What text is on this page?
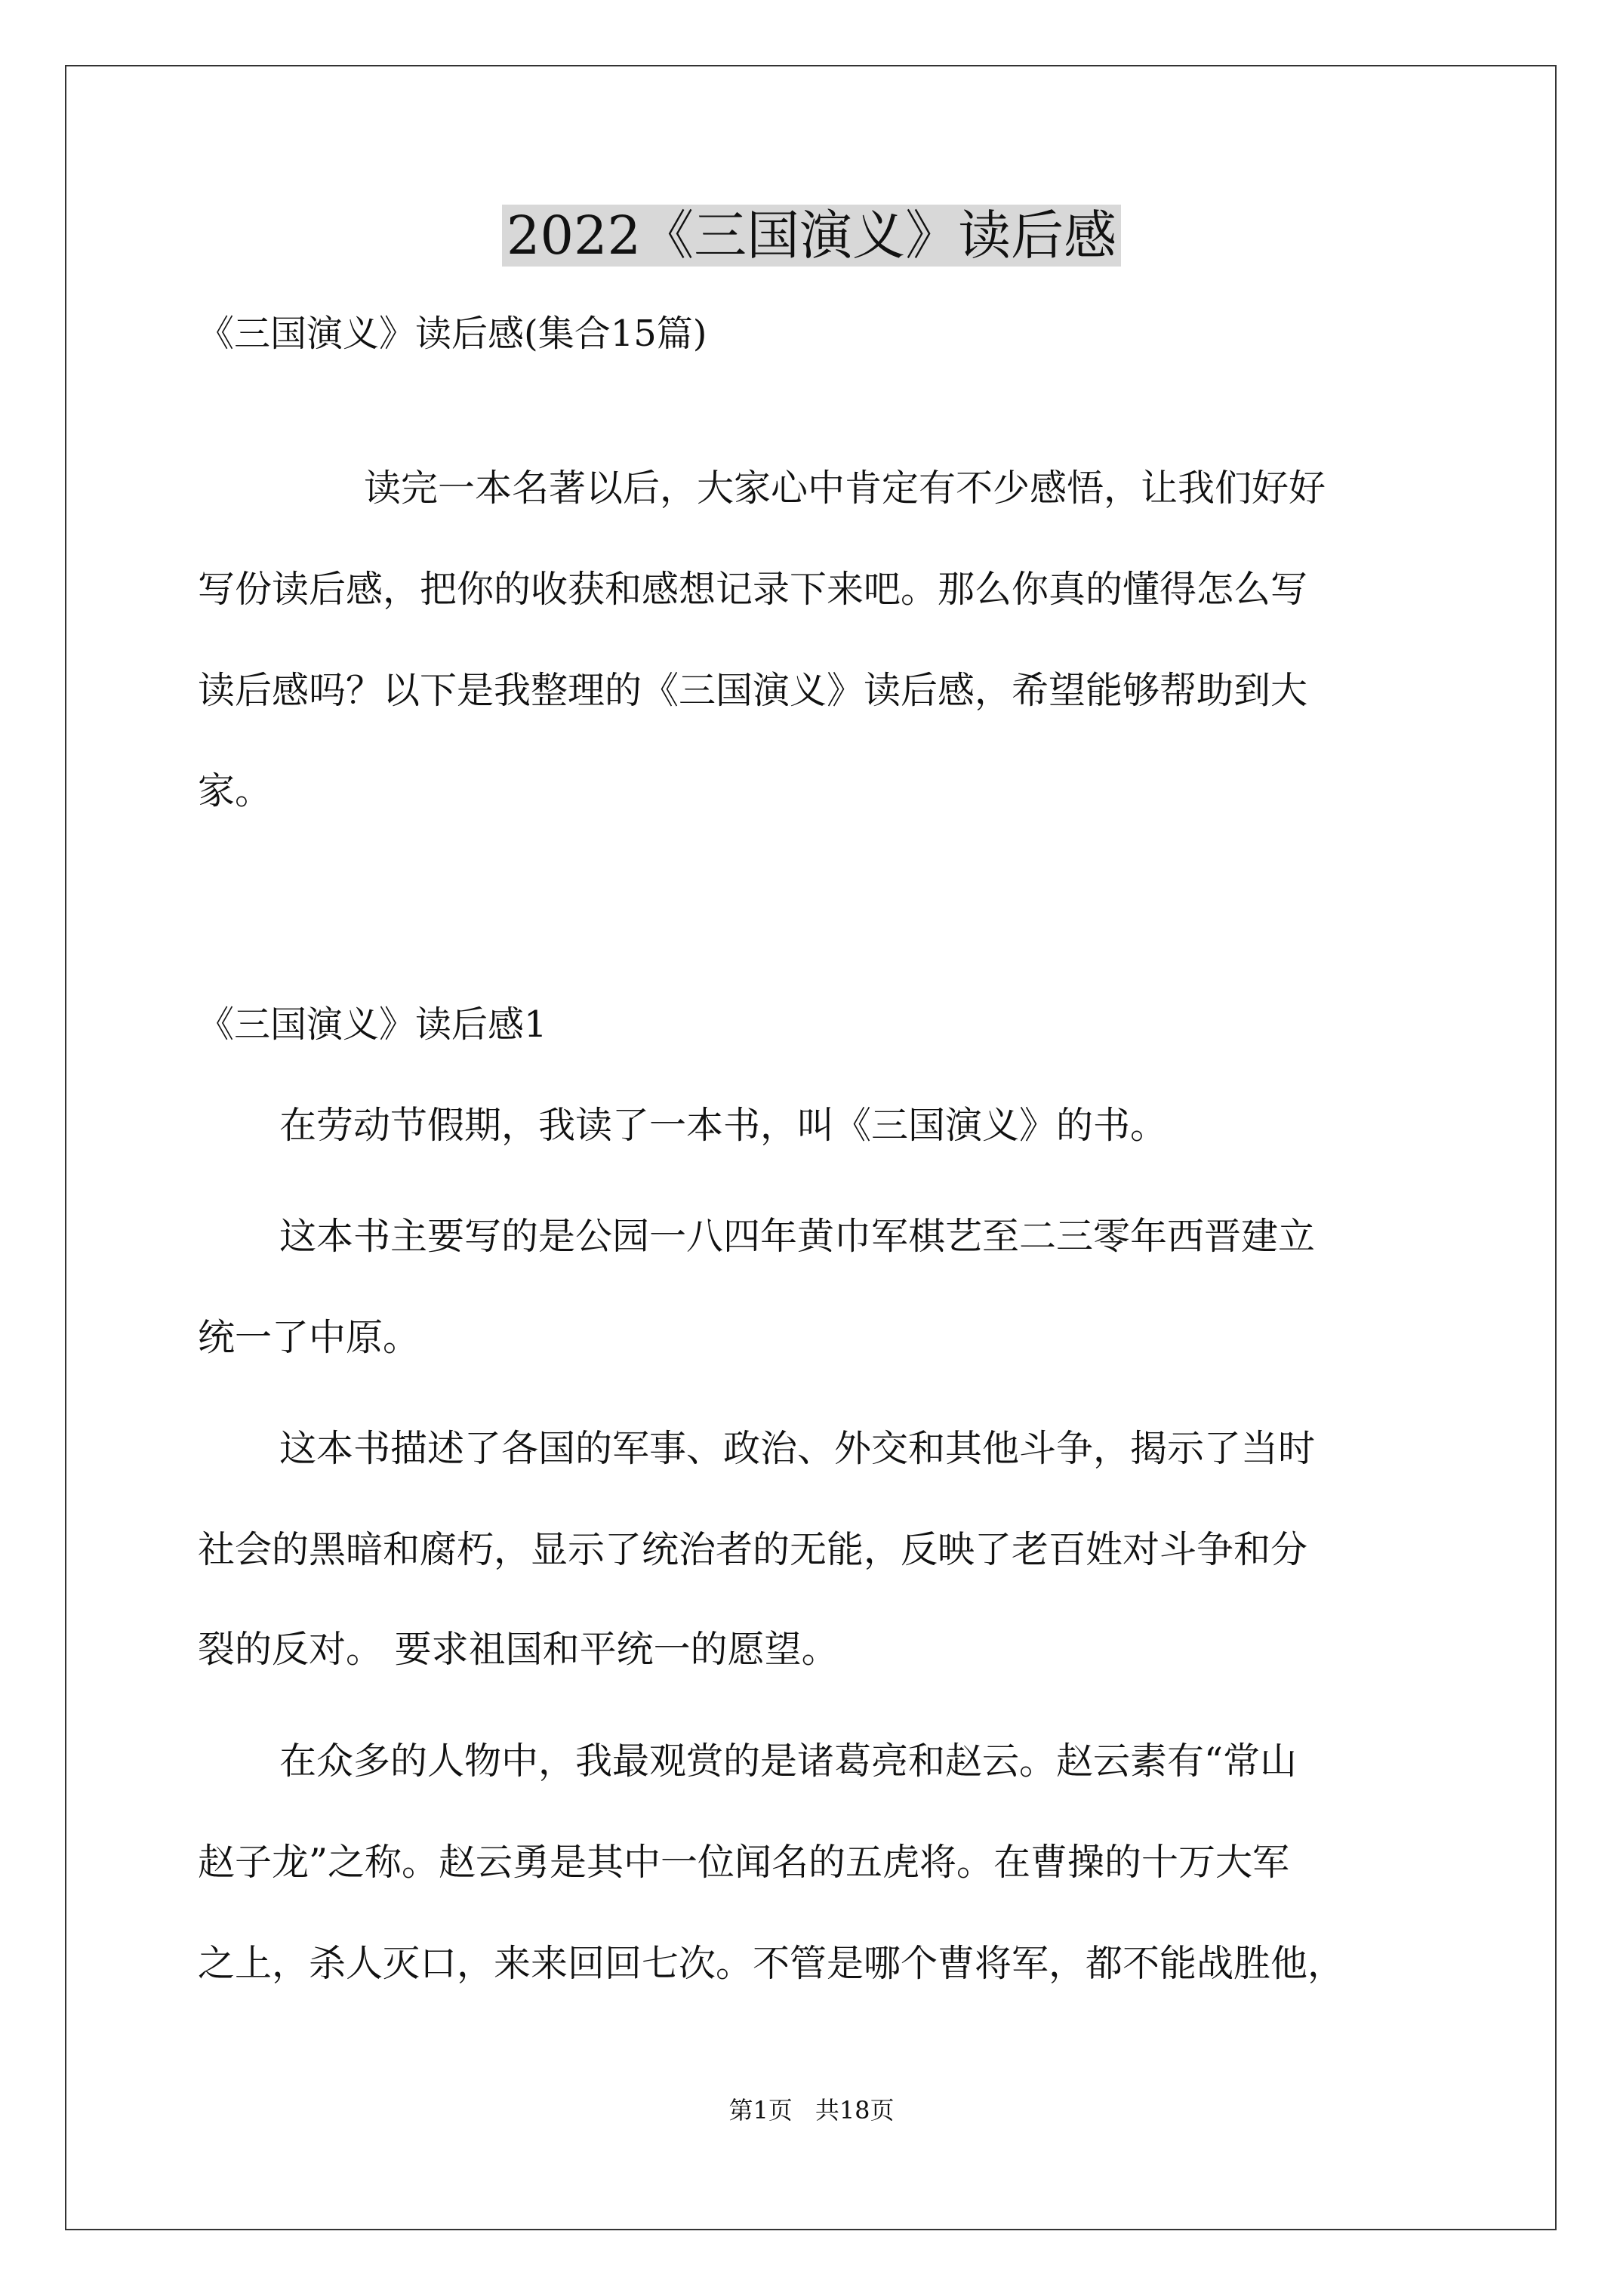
2022《三国演义》读后感
《三国演义》读后感(集合15篇)
读完一本名著以后，大家心中肯定有不少感悟，让我们好好
写份读后感，把你的收获和感想记录下来吧。那么你真的懂得怎么写
读后感吗？以下是我整理的《三国演义》读后感，希望能够帮助到大
家。
《三国演义》读后感1
在劳动节假期，我读了一本书，叫《三国演义》的书。
这本书主要写的是公园一八四年黄巾军棋艺至二三零年西晋建立
统一了中原。
这本书描述了各国的军事、政治、外交和其他斗争，揭示了当时
社会的黑暗和腐朽，显示了统治者的无能，反映了老百姓对斗争和分
裂的反对。 要求祖国和平统一的愿望。
在众多的人物中，我最观赏的是诸葛亮和赵云。赵云素有“常山
赵子龙”之称。赵云勇是其中一位闻名的五虎将。在曹操的十万大军
之上，杀人灭口，来来回回七次。不管是哪个曹将军，都不能战胜他，
第1页 共18页
